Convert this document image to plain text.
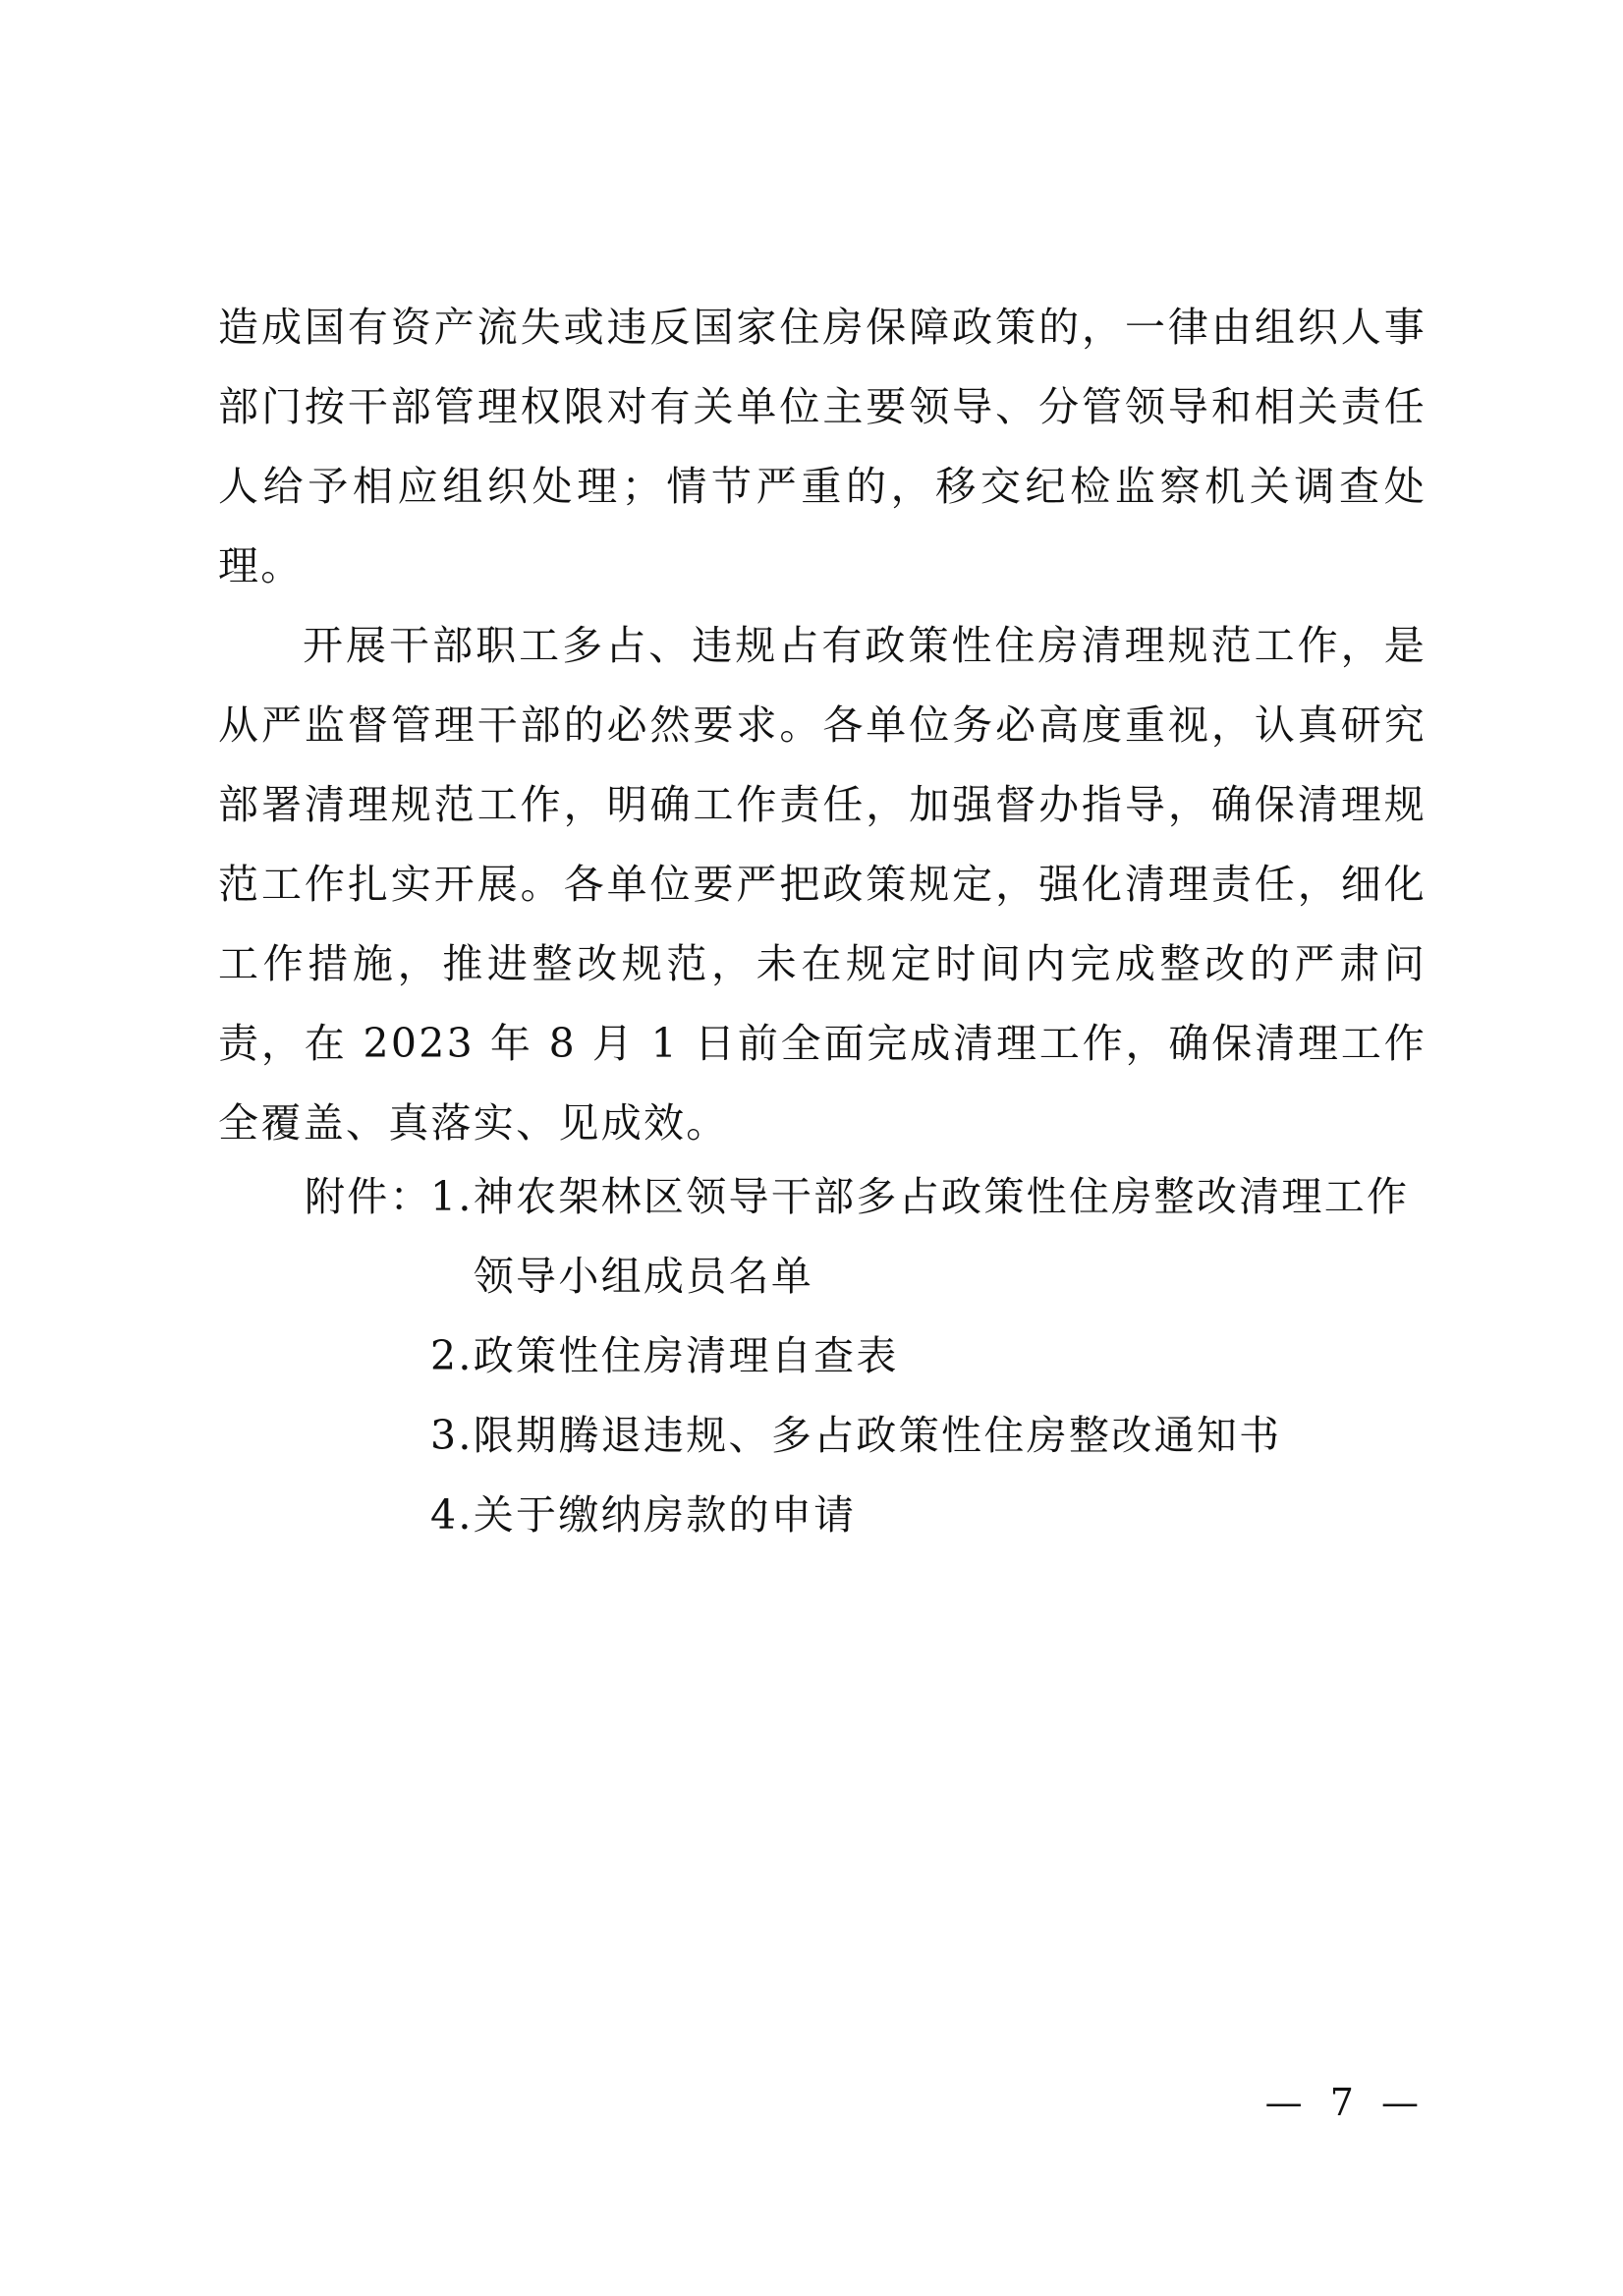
造成国有资产流失或违反国家住房保障政策的，一律由组织人事部门按干部管理权限对有关单位主要领导、分管领导和相关责任人给予相应组织处理；情节严重的，移交纪检监察机关调查处理。

开展干部职工多占、违规占有政策性住房清理规范工作，是从严监督管理干部的必然要求。各单位务必高度重视，认真研究部署清理规范工作，明确工作责任，加强督办指导，确保清理规范工作扎实开展。各单位要严把政策规定，强化清理责任，细化工作措施，推进整改规范，未在规定时间内完成整改的严肃问责，在 2023 年 8 月 1 日前全面完成清理工作，确保清理工作全覆盖、真落实、见成效。

附件：
1. 神农架林区领导干部多占政策性住房整改清理工作领导小组成员名单
2. 政策性住房清理自查表
3. 限期腾退违规、多占政策性住房整改通知书
4. 关于缴纳房款的申请
— 7 —
